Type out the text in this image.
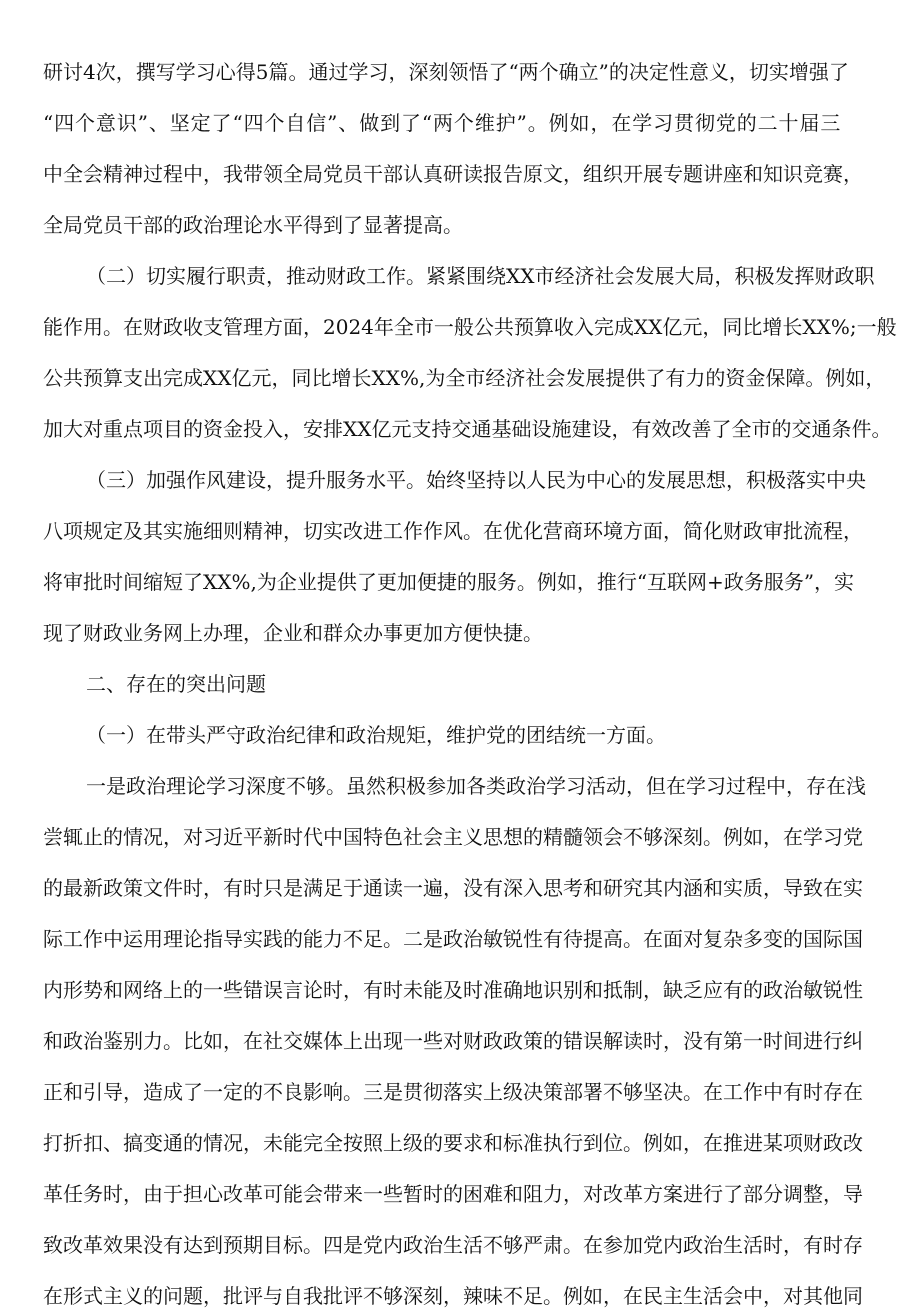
研讨4次，撰写学习心得5篇。通过学习，深刻领悟了“两个确立”的决定性意义，切实增强了

“四个意识”、坚定了“四个自信”、做到了“两个维护”。例如，在学习贯彻党的二十届三

中全会精神过程中，我带领全局党员干部认真研读报告原文，组织开展专题讲座和知识竞赛，

全局党员干部的政治理论水平得到了显著提高。

（二）切实履行职责，推动财政工作。紧紧围绕XX市经济社会发展大局，积极发挥财政职

能作用。在财政收支管理方面，2024年全市一般公共预算收入完成XX亿元，同比增长XX%;一般

公共预算支出完成XX亿元，同比增长XX%,为全市经济社会发展提供了有力的资金保障。例如，

加大对重点项目的资金投入，安排XX亿元支持交通基础设施建设，有效改善了全市的交通条件。

（三）加强作风建设，提升服务水平。始终坚持以人民为中心的发展思想，积极落实中央

八项规定及其实施细则精神，切实改进工作作风。在优化营商环境方面，简化财政审批流程，

将审批时间缩短了XX%,为企业提供了更加便捷的服务。例如，推行“互联网+政务服务”，实

现了财政业务网上办理，企业和群众办事更加方便快捷。

二、存在的突出问题

（一）在带头严守政治纪律和政治规矩，维护党的团结统一方面。

一是政治理论学习深度不够。虽然积极参加各类政治学习活动，但在学习过程中，存在浅

尝辄止的情况，对习近平新时代中国特色社会主义思想的精髓领会不够深刻。例如，在学习党

的最新政策文件时，有时只是满足于通读一遍，没有深入思考和研究其内涵和实质，导致在实

际工作中运用理论指导实践的能力不足。二是政治敏锐性有待提高。在面对复杂多变的国际国

内形势和网络上的一些错误言论时，有时未能及时准确地识别和抵制，缺乏应有的政治敏锐性

和政治鉴别力。比如，在社交媒体上出现一些对财政政策的错误解读时，没有第一时间进行纠

正和引导，造成了一定的不良影响。三是贯彻落实上级决策部署不够坚决。在工作中有时存在

打折扣、搞变通的情况，未能完全按照上级的要求和标准执行到位。例如，在推进某项财政改

革任务时，由于担心改革可能会带来一些暂时的困难和阻力，对改革方案进行了部分调整，导

致改革效果没有达到预期目标。四是党内政治生活不够严肃。在参加党内政治生活时，有时存

在形式主义的问题，批评与自我批评不够深刻，辣味不足。例如，在民主生活会中，对其他同
